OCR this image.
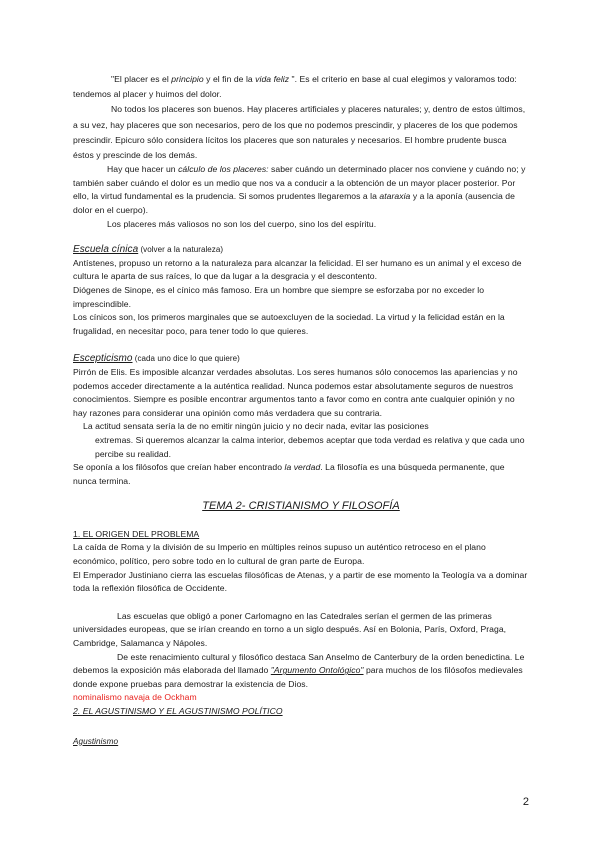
"El placer es el principio y el fin de la vida feliz ". Es el criterio en base al cual elegimos y valoramos todo: tendemos al placer y huimos del dolor.

No todos los placeres son buenos. Hay placeres artificiales y placeres naturales; y, dentro de estos últimos, a su vez, hay placeres que son necesarios, pero de los que no podemos prescindir, y placeres de los que podemos prescindir. Epicuro sólo considera lícitos los placeres que son naturales y necesarios. El hombre prudente busca éstos y prescinde de los demás.

Hay que hacer un cálculo de los placeres: saber cuándo un determinado placer nos conviene y cuándo no; y también saber cuándo el dolor es un medio que nos va a conducir a la obtención de un mayor placer posterior. Por ello, la virtud fundamental es la prudencia. Si somos prudentes llegaremos a la ataraxia y a la aponía (ausencia de dolor en el cuerpo).

Los placeres más valiosos no son los del cuerpo, sino los del espíritu.

Escuela cínica (volver a la naturaleza)

Antístenes, propuso un retorno a la naturaleza para alcanzar la felicidad. El ser humano es un animal y el exceso de cultura le aparta de sus raíces, lo que da lugar a la desgracia y el descontento.

Diógenes de Sinope, es el cínico más famoso. Era un hombre que siempre se esforzaba por no exceder lo imprescindible.

Los cínicos son, los primeros marginales que se autoexcluyen de la sociedad. La virtud y la felicidad están en la frugalidad, en necesitar poco, para tener todo lo que quieres.

Escepticismo (cada uno dice lo que quiere)

Pirrón de Elis. Es imposible alcanzar verdades absolutas. Los seres humanos sólo conocemos las apariencias y no podemos acceder directamente a la auténtica realidad. Nunca podemos estar absolutamente seguros de nuestros conocimientos. Siempre es posible encontrar argumentos tanto a favor como en contra ante cualquier opinión y no hay razones para considerar una opinión como más verdadera que su contraria.

La actitud sensata sería la de no emitir ningún juicio y no decir nada, evitar las posiciones

extremas. Si queremos alcanzar la calma interior, debemos aceptar que toda verdad es relativa y que cada uno percibe su realidad.

Se oponía a los filósofos que creían haber encontrado la verdad. La filosofía es una búsqueda permanente, que nunca termina.

TEMA 2- CRISTIANISMO Y FILOSOFÍA

1. EL ORIGEN DEL PROBLEMA

La caída de Roma y la división de su Imperio en múltiples reinos supuso un auténtico retroceso en el plano económico, político, pero sobre todo en lo cultural de gran parte de Europa.

El Emperador Justiniano cierra las escuelas filosóficas de Atenas, y a partir de ese momento la Teología va a dominar toda la reflexión filosófica de Occidente.

Las escuelas que obligó a poner Carlomagno en las Catedrales serían el germen de las primeras universidades europeas, que se irían creando en torno a un siglo después. Así en Bolonia, París, Oxford, Praga, Cambridge, Salamanca y Nápoles.

De este renacimiento cultural y filosófico destaca San Anselmo de Canterbury de la orden benedictina. Le debemos la exposición más elaborada del llamado "Argumento Ontológico" para muchos de los filósofos medievales donde expone pruebas para demostrar la existencia de Dios.

nominalismo navaja de Ockham

2. EL AGUSTINISMO Y EL AGUSTINISMO POLÍTICO

Agustinismo

2
